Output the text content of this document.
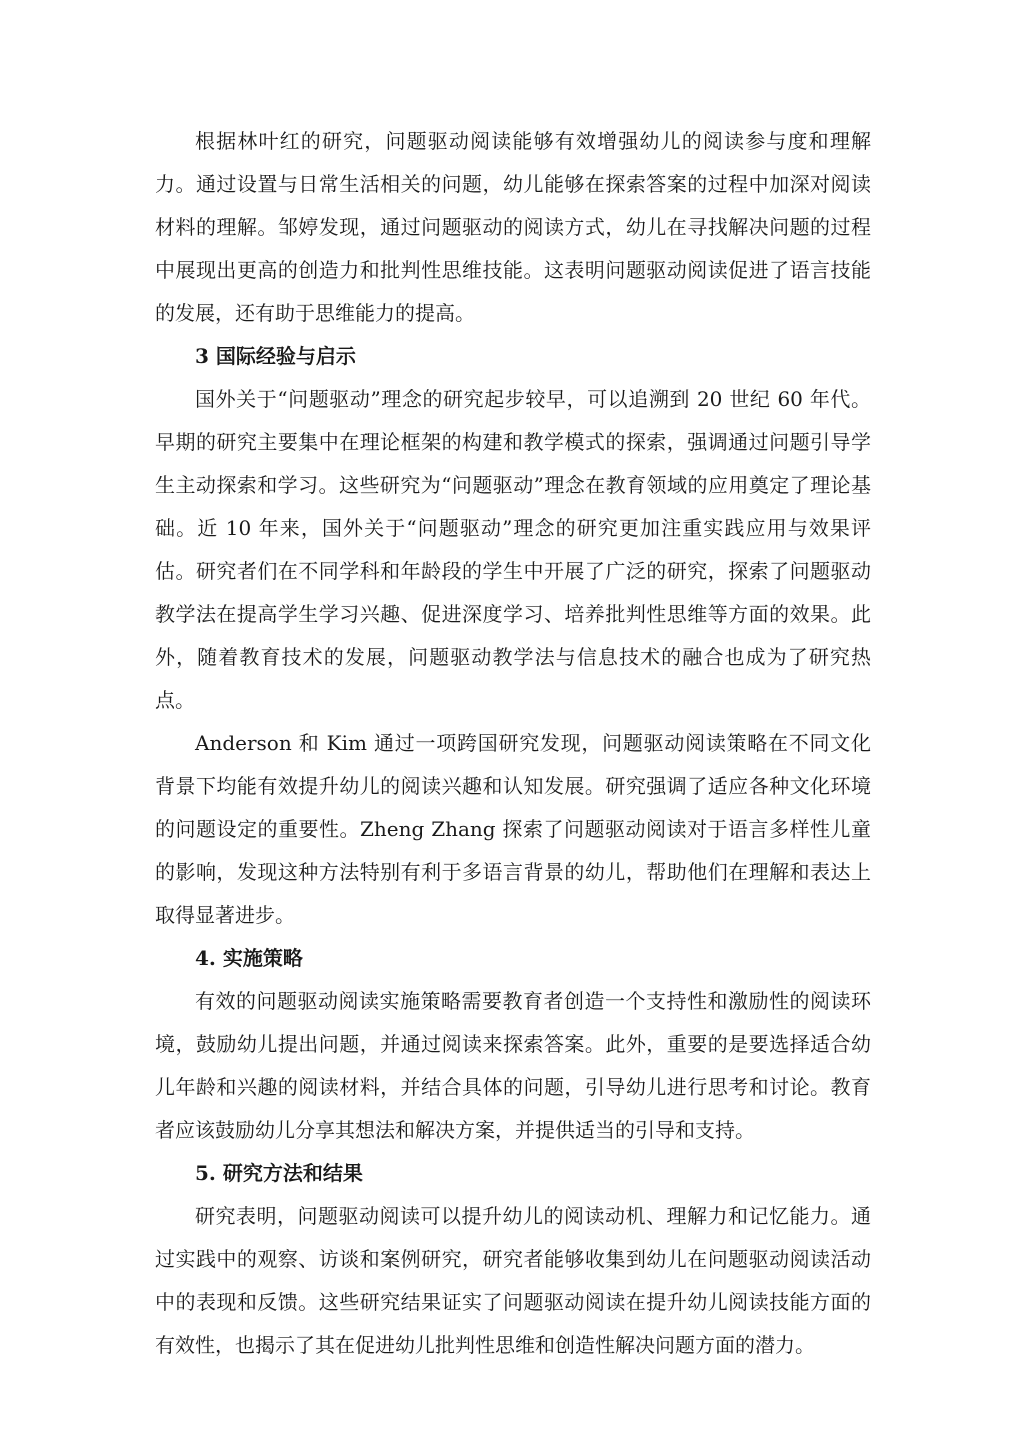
根据林叶红的研究，问题驱动阅读能够有效增强幼儿的阅读参与度和理解力。通过设置与日常生活相关的问题，幼儿能够在探索答案的过程中加深对阅读材料的理解。邹婷发现，通过问题驱动的阅读方式，幼儿在寻找解决问题的过程中展现出更高的创造力和批判性思维技能。这表明问题驱动阅读促进了语言技能的发展，还有助于思维能力的提高。

3 国际经验与启示

国外关于“问题驱动”理念的研究起步较早，可以追溯到 20 世纪 60 年代。早期的研究主要集中在理论框架的构建和教学模式的探索，强调通过问题引导学生主动探索和学习。这些研究为“问题驱动”理念在教育领域的应用奠定了理论基础。近 10 年来，国外关于“问题驱动”理念的研究更加注重实践应用与效果评估。研究者们在不同学科和年龄段的学生中开展了广泛的研究，探索了问题驱动教学法在提高学生学习兴趣、促进深度学习、培养批判性思维等方面的效果。此外，随着教育技术的发展，问题驱动教学法与信息技术的融合也成为了研究热点。

Anderson 和 Kim 通过一项跨国研究发现，问题驱动阅读策略在不同文化背景下均能有效提升幼儿的阅读兴趣和认知发展。研究强调了适应各种文化环境的问题设定的重要性。Zheng Zhang 探索了问题驱动阅读对于语言多样性儿童的影响，发现这种方法特别有利于多语言背景的幼儿，帮助他们在理解和表达上取得显著进步。

4. 实施策略

有效的问题驱动阅读实施策略需要教育者创造一个支持性和激励性的阅读环境，鼓励幼儿提出问题，并通过阅读来探索答案。此外，重要的是要选择适合幼儿年龄和兴趣的阅读材料，并结合具体的问题，引导幼儿进行思考和讨论。教育者应该鼓励幼儿分享其想法和解决方案，并提供适当的引导和支持。

5. 研究方法和结果

研究表明，问题驱动阅读可以提升幼儿的阅读动机、理解力和记忆能力。通过实践中的观察、访谈和案例研究，研究者能够收集到幼儿在问题驱动阅读活动中的表现和反馈。这些研究结果证实了问题驱动阅读在提升幼儿阅读技能方面的有效性，也揭示了其在促进幼儿批判性思维和创造性解决问题方面的潜力。
